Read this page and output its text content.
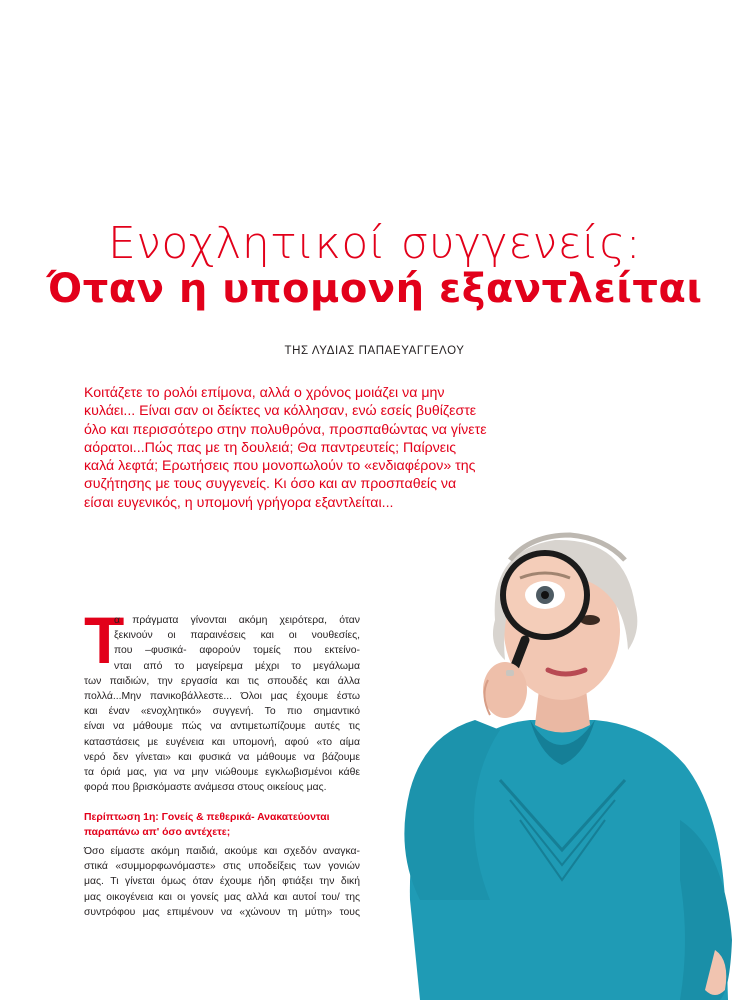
Ενοχλητικοί συγγενείς:
Όταν η υπομονή εξαντλείται
ΤΗΣ ΛΥΔΙΑΣ ΠΑΠΑΕΥΑΓΓΕΛΟΥ
Κοιτάζετε το ρολόι επίμονα, αλλά ο χρόνος μοιάζει να μην
κυλάει... Είναι σαν οι δείκτες να κόλλησαν, ενώ εσείς βυθίζεστε
όλο και περισσότερο στην πολυθρόνα, προσπαθώντας να γίνετε
αόρατοι...Πώς πας με τη δουλειά; Θα παντρευτείς; Παίρνεις
καλά λεφτά; Ερωτήσεις που μονοπωλούν το «ενδιαφέρον» της
συζήτησης με τους συγγενείς. Κι όσο και αν προσπαθείς να
είσαι ευγενικός, η υπομονή γρήγορα εξαντλείται...
Τ
α πράγματα γίνονται ακόμη χειρότερα, όταν
ξεκινούν οι παραινέσεις και οι νουθεσίες,
που –φυσικά- αφορούν τομείς που εκτείνο-
νται από το μαγείρεμα μέχρι το μεγάλωμα
των παιδιών, την εργασία και τις σπουδές και άλλα
πολλά...Μην πανικοβάλλεστε... Όλοι μας έχουμε έστω
και έναν «ενοχλητικό» συγγενή. Το πιο σημαντικό
είναι να μάθουμε πώς να αντιμετωπίζουμε αυτές τις
καταστάσεις με ευγένεια και υπομονή, αφού «το αίμα
νερό δεν γίνεται» και φυσικά να μάθουμε να βάζουμε
τα όριά μας, για να μην νιώθουμε εγκλωβισμένοι κάθε
φορά που βρισκόμαστε ανάμεσα στους οικείους μας.
Περίπτωση 1η: Γονείς & πεθερικά- Ανακατεύονται
παραπάνω απ' όσο αντέχετε;
Όσο είμαστε ακόμη παιδιά, ακούμε και σχεδόν αναγκα-
στικά «συμμορφωνόμαστε» στις υποδείξεις των γονιών
μας. Τι γίνεται όμως όταν έχουμε ήδη φτιάξει την δική
μας οικογένεια και οι γονείς μας αλλά και αυτοί του/ της
συντρόφου μας επιμένουν να «χώνουν τη μύτη» τους
